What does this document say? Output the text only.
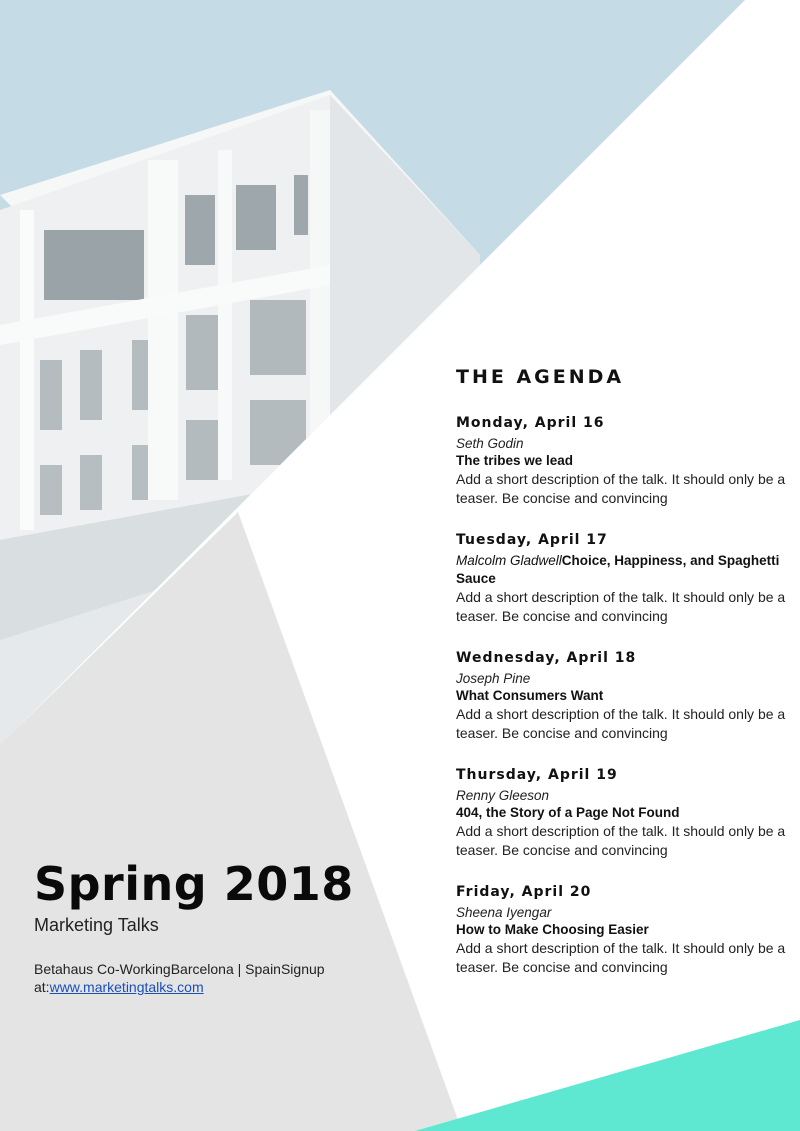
THE AGENDA
Monday, April 16
Seth Godin
The tribes we lead
Add a short description of the talk. It should only be a teaser. Be concise and convincing
Tuesday, April 17
Malcolm GladwellChoice, Happiness, and Spaghetti Sauce
Add a short description of the talk. It should only be a teaser. Be concise and convincing
Wednesday, April 18
Joseph Pine
What Consumers Want
Add a short description of the talk. It should only be a teaser. Be concise and convincing
Thursday, April 19
Renny Gleeson
404, the Story of a Page Not Found
Add a short description of the talk. It should only be a teaser. Be concise and convincing
Friday, April 20
Sheena Iyengar
How to Make Choosing Easier
Add a short description of the talk. It should only be a teaser. Be concise and convincing
Spring 2018
Marketing Talks
Betahaus Co-WorkingBarcelona | SpainSignup at:www.marketingtalks.com
